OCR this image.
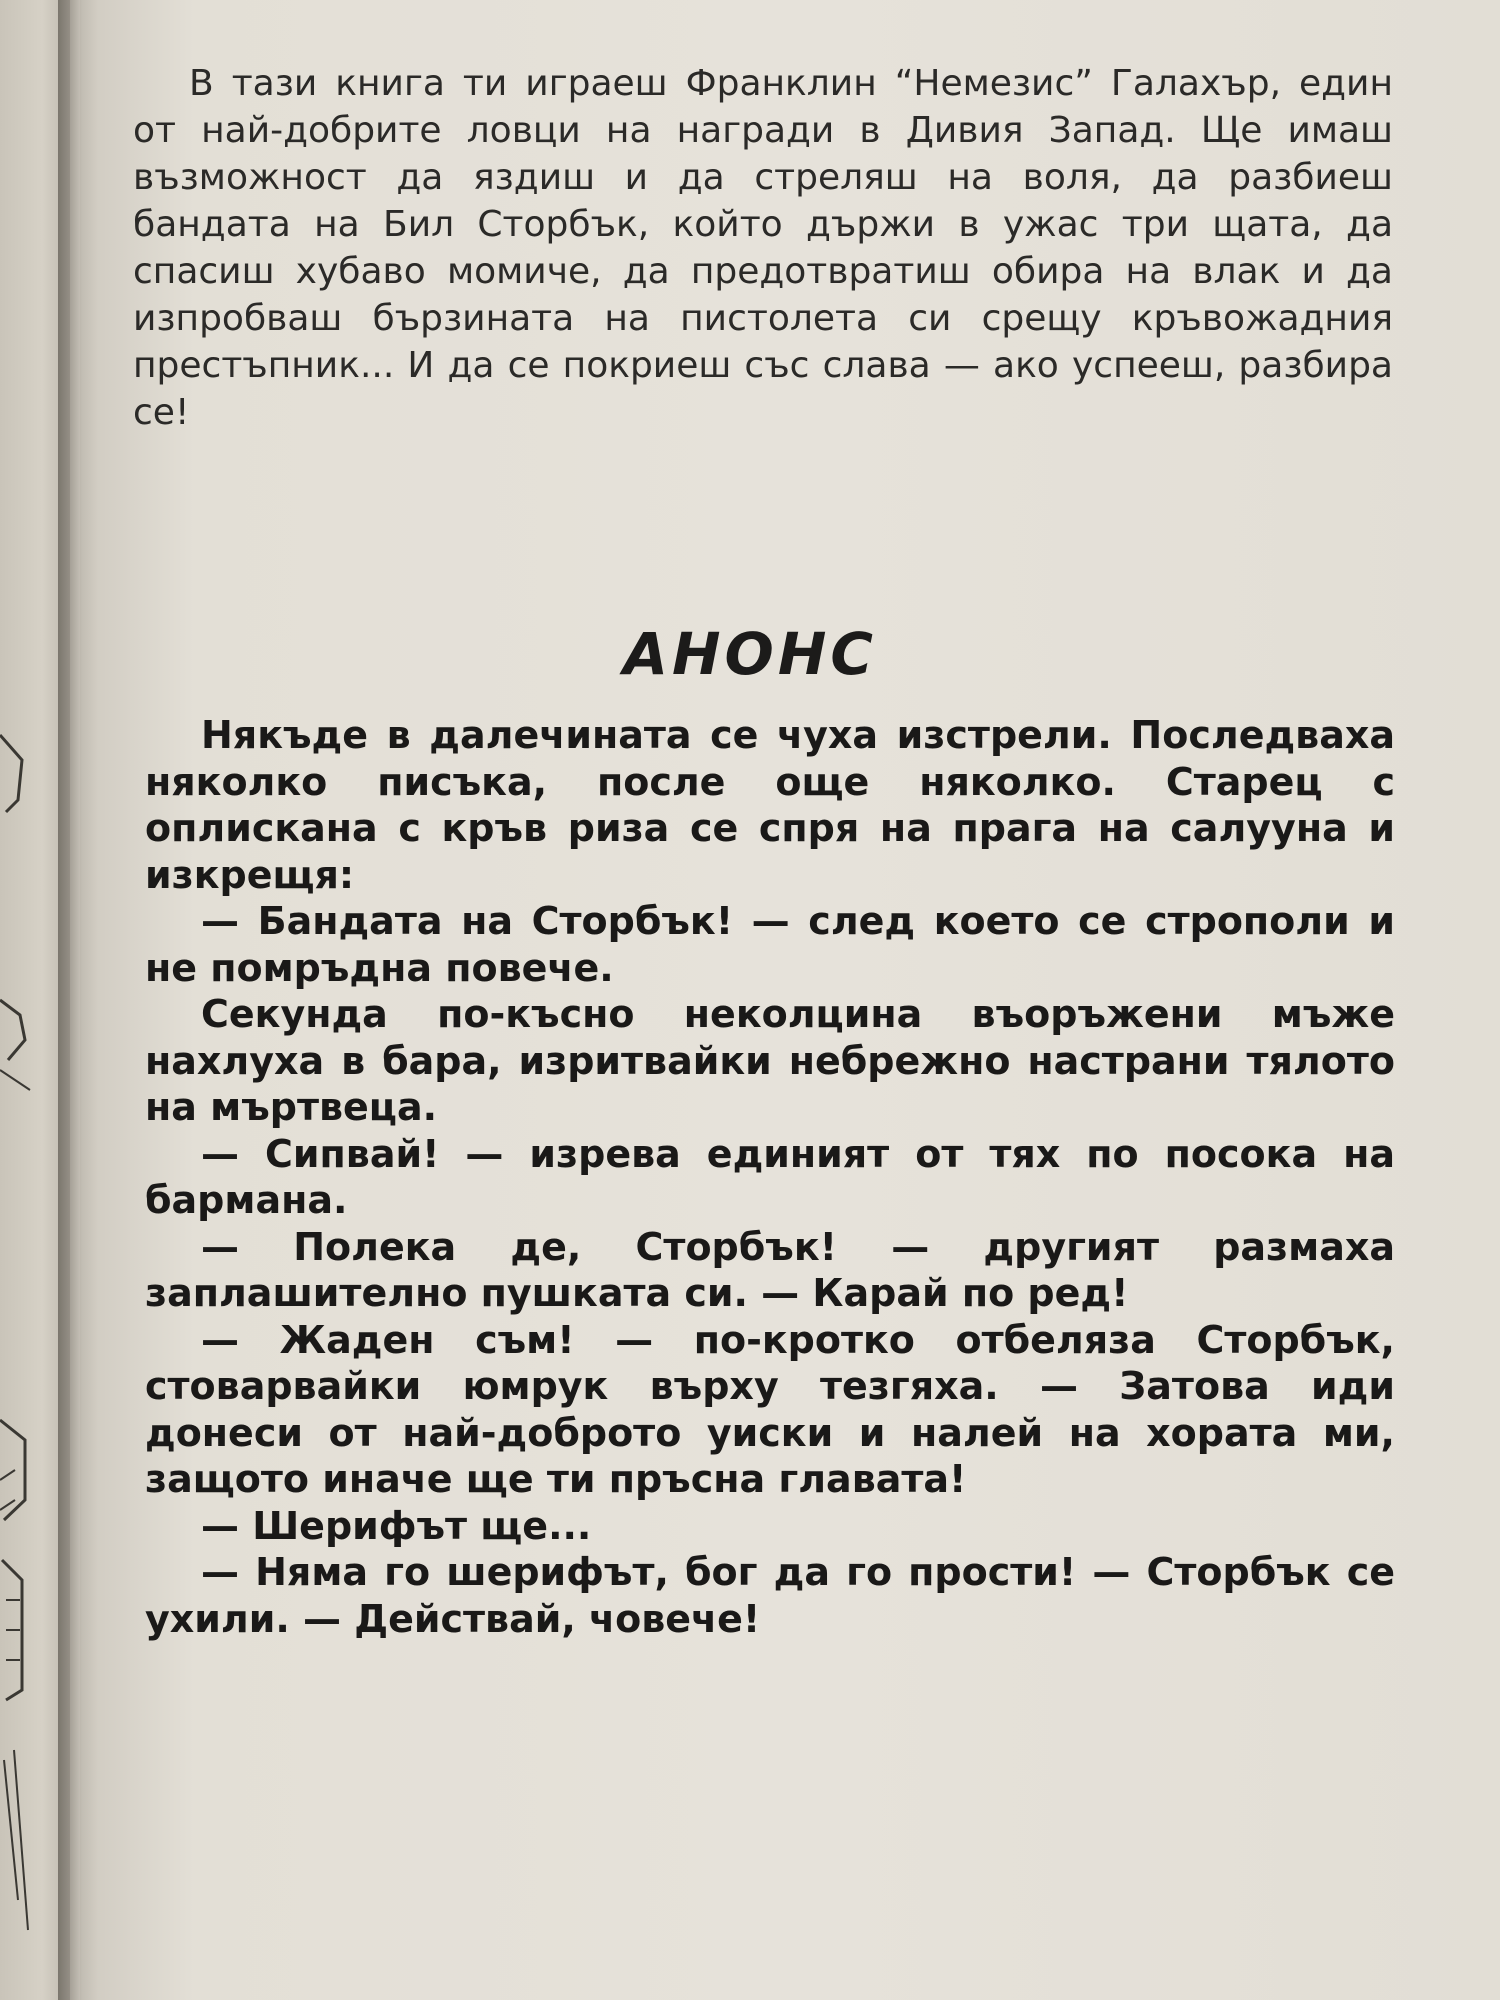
В тази книга ти играеш Франклин “Немезис” Галахър, един от най-добрите ловци на награди в Дивия Запад. Ще имаш възможност да яздиш и да стреляш на воля, да разбиеш бандата на Бил Сторбък, който държи в ужас три щата, да спасиш хубаво момиче, да предотвратиш обира на влак и да изпробваш бързината на пистолета си срещу кръвожадния престъпник... И да се покриеш със слава — ако успееш, разбира се!

АНОНС

Някъде в далечината се чуха изстрели. Последваха няколко писъка, после още няколко. Старец с оплискана с кръв риза се спря на прага на салууна и изкрещя:

— Бандата на Сторбък! — след което се строполи и не помръдна повече.

Секунда по-късно неколцина въоръжени мъже нахлуха в бара, изритвайки небрежно настрани тялото на мъртвеца.

— Сипвай! — изрева единият от тях по посока на бармана.

— Полека де, Сторбък! — другият размаха заплашително пушката си. — Карай по ред!

— Жаден съм! — по-кротко отбеляза Сторбък, стоварвайки юмрук върху тезгяха. — Затова иди донеси от най-доброто уиски и налей на хората ми, защото иначе ще ти пръсна главата!

— Шерифът ще...

— Няма го шерифът, бог да го прости! — Сторбък се ухили. — Действай, човече!
